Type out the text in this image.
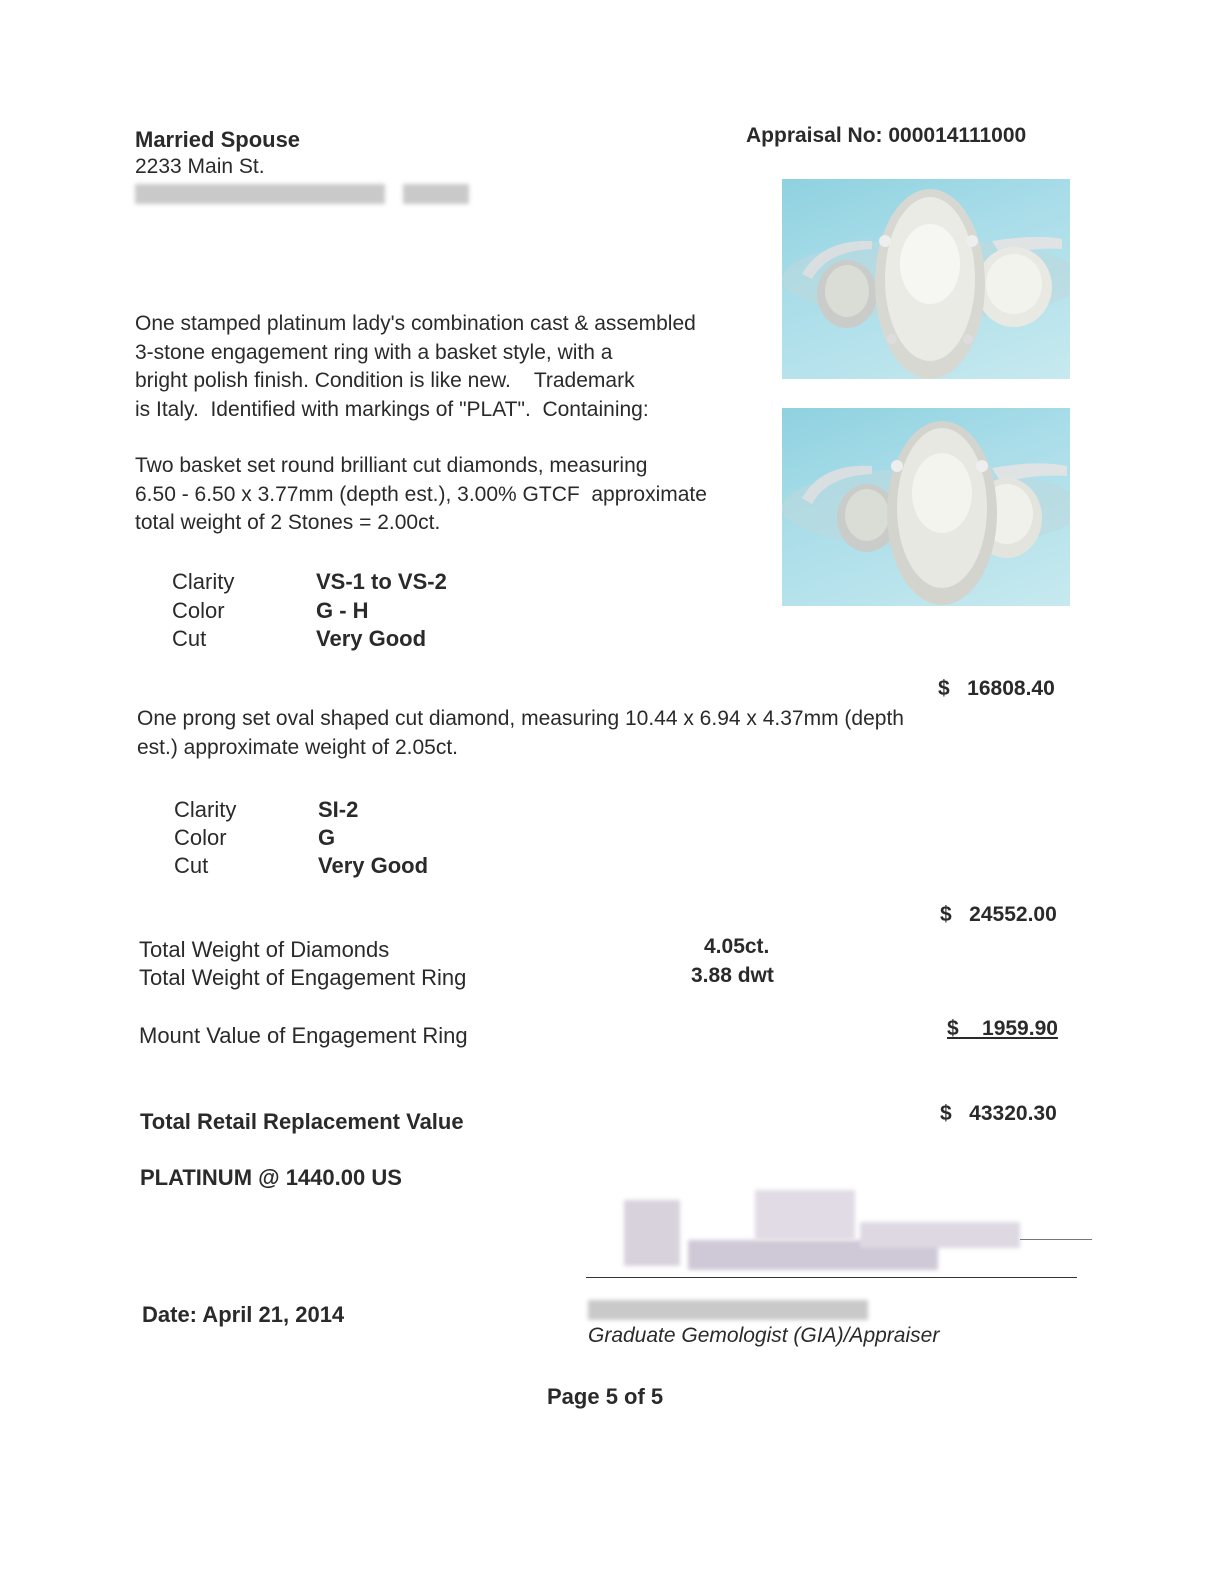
Married Spouse
2233 Main St.
Appraisal No: 000014111000
One stamped platinum lady's combination cast & assembled
3-stone engagement ring with a basket style, with a
bright polish finish. Condition is like new.    Trademark
is Italy.  Identified with markings of "PLAT".  Containing:
Two basket set round brilliant cut diamonds, measuring
6.50 - 6.50 x 3.77mm (depth est.), 3.00% GTCF  approximate
total weight of 2 Stones = 2.00ct.
Clarity	VS-1 to VS-2
Color	G - H
Cut	Very Good
$   16808.40
One prong set oval shaped cut diamond, measuring 10.44 x 6.94 x 4.37mm (depth
est.) approximate weight of 2.05ct.
Clarity	SI-2
Color	G
Cut	Very Good
$   24552.00
Total Weight of Diamonds	4.05ct.
Total Weight of Engagement Ring	3.88 dwt
Mount Value of Engagement Ring	$    1959.90
Total Retail Replacement Value	$   43320.30
PLATINUM @ 1440.00 US
Date: April 21, 2014
Graduate Gemologist (GIA)/Appraiser
Page 5 of 5
